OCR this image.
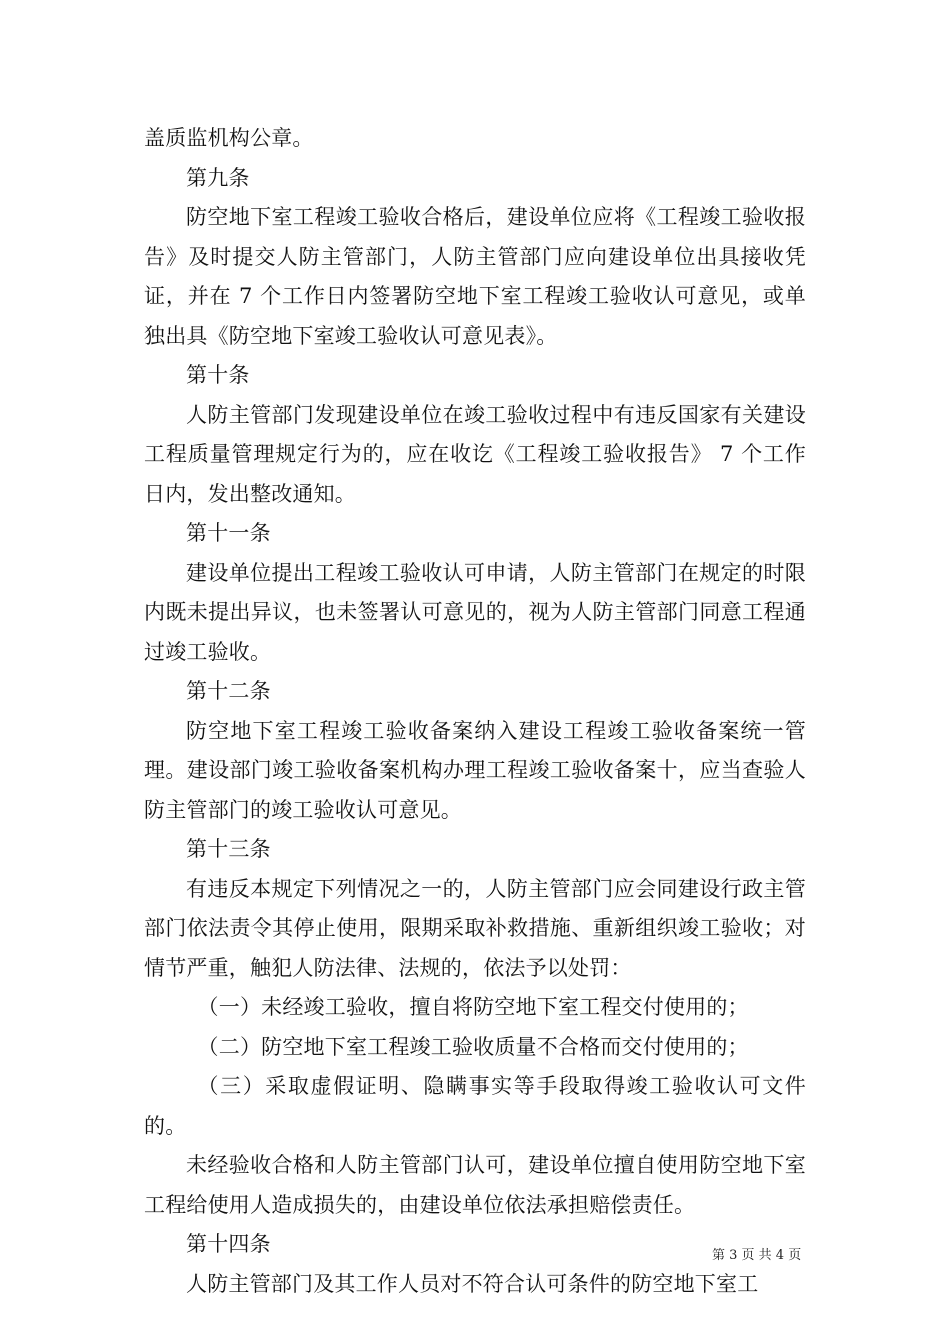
盖质监机构公章。

第九条

防空地下室工程竣工验收合格后，建设单位应将《工程竣工验收报告》及时提交人防主管部门，人防主管部门应向建设单位出具接收凭证，并在 7 个工作日内签署防空地下室工程竣工验收认可意见，或单独出具《防空地下室竣工验收认可意见表》。

第十条

人防主管部门发现建设单位在竣工验收过程中有违反国家有关建设工程质量管理规定行为的，应在收讫《工程竣工验收报告》 7 个工作日内，发出整改通知。

第十一条

建设单位提出工程竣工验收认可申请，人防主管部门在规定的时限内既未提出异议，也未签署认可意见的，视为人防主管部门同意工程通过竣工验收。

第十二条

防空地下室工程竣工验收备案纳入建设工程竣工验收备案统一管理。建设部门竣工验收备案机构办理工程竣工验收备案十，应当查验人防主管部门的竣工验收认可意见。

第十三条

有违反本规定下列情况之一的，人防主管部门应会同建设行政主管部门依法责令其停止使用，限期采取补救措施、重新组织竣工验收；对情节严重，触犯人防法律、法规的，依法予以处罚：

（一）未经竣工验收，擅自将防空地下室工程交付使用的；

（二）防空地下室工程竣工验收质量不合格而交付使用的；

（三）采取虚假证明、隐瞒事实等手段取得竣工验收认可文件的。

未经验收合格和人防主管部门认可，建设单位擅自使用防空地下室工程给使用人造成损失的，由建设单位依法承担赔偿责任。

第十四条

人防主管部门及其工作人员对不符合认可条件的防空地下室工

第 3 页 共 4 页
